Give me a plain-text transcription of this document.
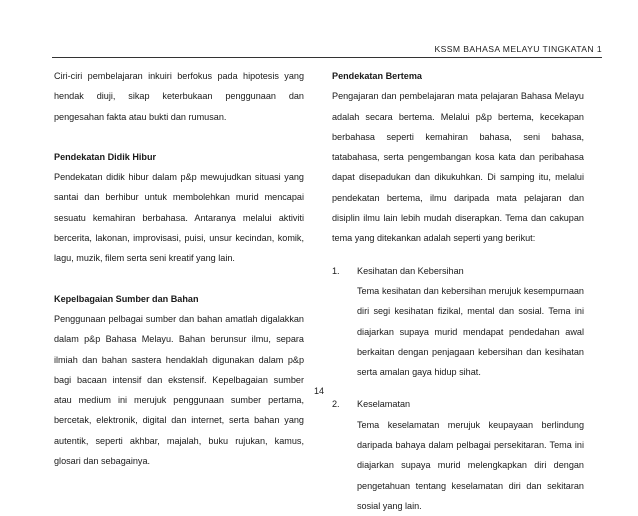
KSSM BAHASA MELAYU TINGKATAN 1

Ciri-ciri pembelajaran inkuiri berfokus pada hipotesis yang hendak diuji, sikap keterbukaan penggunaan dan pengesahan fakta atau bukti dan rumusan.

Pendekatan Didik Hibur

Pendekatan didik hibur dalam p&p mewujudkan situasi yang santai dan berhibur untuk membolehkan murid mencapai sesuatu kemahiran berbahasa. Antaranya melalui aktiviti bercerita, lakonan, improvisasi, puisi, unsur kecindan, komik, lagu, muzik, filem serta seni kreatif yang lain.

Kepelbagaian Sumber dan Bahan

Penggunaan pelbagai sumber dan bahan amatlah digalakkan dalam p&p Bahasa Melayu. Bahan berunsur ilmu, separa ilmiah dan bahan sastera hendaklah digunakan dalam p&p bagi bacaan intensif dan ekstensif. Kepelbagaian sumber atau medium ini merujuk penggunaan sumber pertama, bercetak, elektronik, digital dan internet, serta bahan yang autentik, seperti akhbar, majalah, buku rujukan, kamus, glosari dan sebagainya.

Pendekatan Bertema

Pengajaran dan pembelajaran mata pelajaran Bahasa Melayu adalah secara bertema. Melalui p&p bertema, kecekapan berbahasa seperti kemahiran bahasa, seni bahasa, tatabahasa, serta pengembangan kosa kata dan peribahasa dapat disepadukan dan dikukuhkan. Di samping itu, melalui pendekatan bertema, ilmu daripada mata pelajaran dan disiplin ilmu lain lebih mudah diserapkan. Tema dan cakupan tema yang ditekankan adalah seperti yang berikut:

1. Kesihatan dan Kebersihan

Tema kesihatan dan kebersihan merujuk kesempurnaan diri segi kesihatan fizikal, mental dan sosial. Tema ini diajarkan supaya murid mendapat pendedahan awal berkaitan dengan penjagaan kebersihan dan kesihatan serta amalan gaya hidup sihat.

2. Keselamatan

Tema keselamatan merujuk keupayaan berlindung daripada bahaya dalam pelbagai persekitaran. Tema ini diajarkan supaya murid melengkapkan diri dengan pengetahuan tentang keselamatan diri dan sekitaran sosial yang lain.

14
